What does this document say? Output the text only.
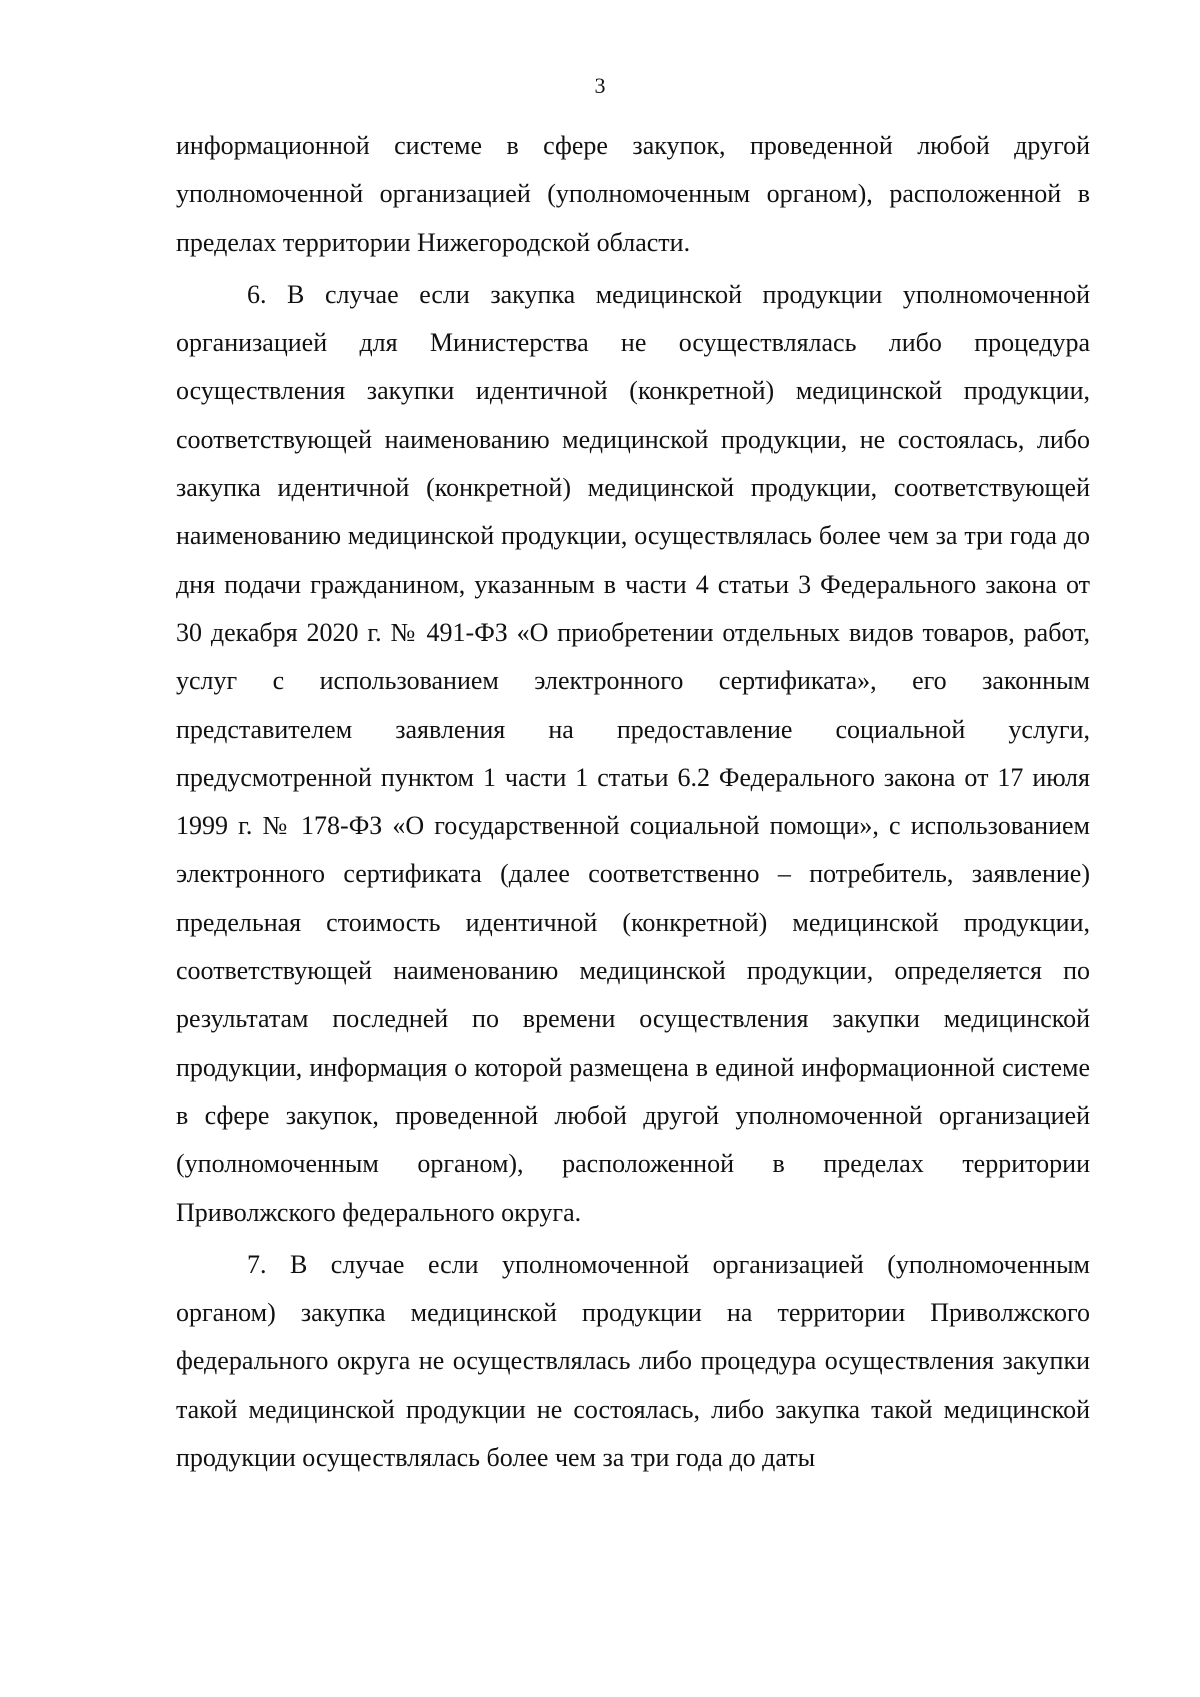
3

информационной системе в сфере закупок, проведенной любой другой уполномоченной организацией (уполномоченным органом), расположенной в пределах территории Нижегородской области.

6. В случае если закупка медицинской продукции уполномоченной организацией для Министерства не осуществлялась либо процедура осуществления закупки идентичной (конкретной) медицинской продукции, соответствующей наименованию медицинской продукции, не состоялась, либо закупка идентичной (конкретной) медицинской продукции, соответствующей наименованию медицинской продукции, осуществлялась более чем за три года до дня подачи гражданином, указанным в части 4 статьи 3 Федерального закона от 30 декабря 2020 г. № 491-ФЗ «О приобретении отдельных видов товаров, работ, услуг с использованием электронного сертификата», его законным представителем заявления на предоставление социальной услуги, предусмотренной пунктом 1 части 1 статьи 6.2 Федерального закона от 17 июля 1999 г. № 178-ФЗ «О государственной социальной помощи», с использованием электронного сертификата (далее соответственно – потребитель, заявление) предельная стоимость идентичной (конкретной) медицинской продукции, соответствующей наименованию медицинской продукции, определяется по результатам последней по времени осуществления закупки медицинской продукции, информация о которой размещена в единой информационной системе в сфере закупок, проведенной любой другой уполномоченной организацией (уполномоченным органом), расположенной в пределах территории Приволжского федерального округа.

7. В случае если уполномоченной организацией (уполномоченным органом) закупка медицинской продукции на территории Приволжского федерального округа не осуществлялась либо процедура осуществления закупки такой медицинской продукции не состоялась, либо закупка такой медицинской продукции осуществлялась более чем за три года до даты
